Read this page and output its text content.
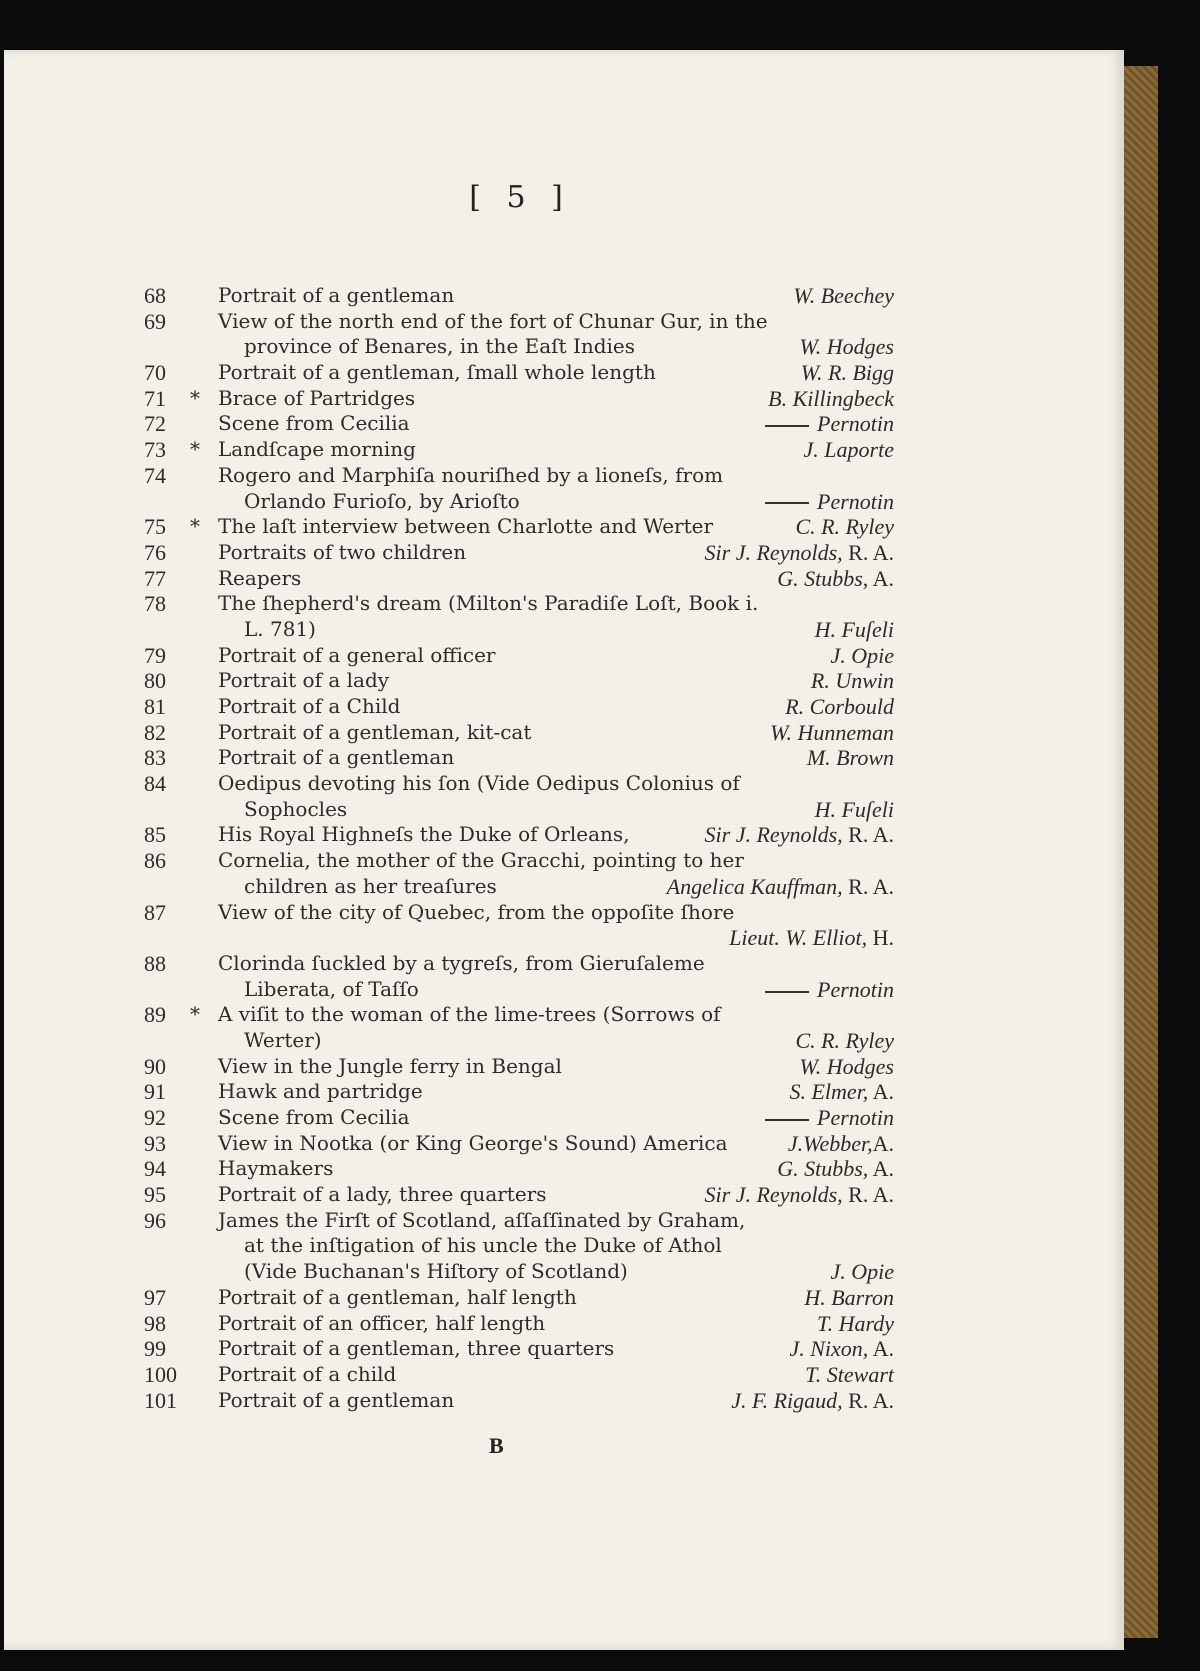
[ 5 ]
68	Portrait of a gentleman	W. Beechey
69	View of the north end of the fort of Chunar Gur, in the
province of Benares, in the Eaſt Indies	W. Hodges
70	Portrait of a gentleman, ſmall whole length	W. R. Bigg
71	* Brace of Partridges	B. Killingbeck
72	Scene from Cecilia	Pernotin
73	* Landſcape morning	J. Laporte
74	Rogero and Marphiſa nouriſhed by a lioneſs, from
Orlando Furioſo, by Arioſto	Pernotin
75	* The laſt interview between Charlotte and Werter	C. R. Ryley
76	Portraits of two children	Sir J. Reynolds, R. A.
77	Reapers	G. Stubbs, A.
78	The ſhepherd's dream (Milton's Paradiſe Loſt, Book i.
L. 781)	H. Fuſeli
79	Portrait of a general officer	J. Opie
80	Portrait of a lady	R. Unwin
81	Portrait of a Child	R. Corbould
82	Portrait of a gentleman, kit-cat	W. Hunneman
83	Portrait of a gentleman	M. Brown
84	Oedipus devoting his ſon (Vide Oedipus Colonius of
Sophocles	H. Fuſeli
85	His Royal Highneſs the Duke of Orleans,	Sir J. Reynolds, R. A.
86	Cornelia, the mother of the Gracchi, pointing to her
children as her treaſures	Angelica Kauffman, R. A.
87	View of the city of Quebec, from the oppoſite ſhore
Lieut. W. Elliot, H.
88	Clorinda ſuckled by a tygreſs, from Gieruſaleme
Liberata, of Taſſo	Pernotin
89	* A viſit to the woman of the lime-trees (Sorrows of
Werter)	C. R. Ryley
90	View in the Jungle ferry in Bengal	W. Hodges
91	Hawk and partridge	S. Elmer, A.
92	Scene from Cecilia	Pernotin
93	View in Nootka (or King George's Sound) America	J.Webber,A.
94	Haymakers	G. Stubbs, A.
95	Portrait of a lady, three quarters	Sir J. Reynolds, R. A.
96	James the Firſt of Scotland, aſſaſſinated by Graham,
at the inſtigation of his uncle the Duke of Athol
(Vide Buchanan's Hiſtory of Scotland)	J. Opie
97	Portrait of a gentleman, half length	H. Barron
98	Portrait of an officer, half length	T. Hardy
99	Portrait of a gentleman, three quarters	J. Nixon, A.
100	Portrait of a child	T. Stewart
101	Portrait of a gentleman	J. F. Rigaud, R. A.
B
